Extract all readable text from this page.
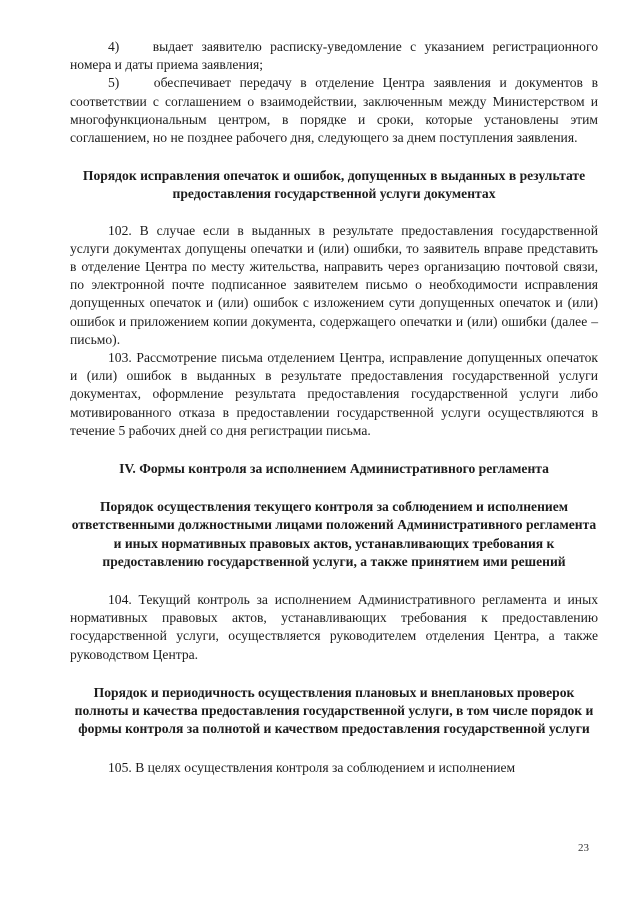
4)    выдает заявителю расписку-уведомление с указанием регистрационного номера и даты приема заявления;

5)    обеспечивает передачу в отделение Центра заявления и документов в соответствии с соглашением о взаимодействии, заключенным между Министерством и многофункциональным центром, в порядке и сроки, которые установлены этим соглашением, но не позднее рабочего дня, следующего за днем поступления заявления.

Порядок исправления опечаток и ошибок, допущенных в выданных в результате предоставления государственной услуги документах

102. В случае если в выданных в результате предоставления государственной услуги документах допущены опечатки и (или) ошибки, то заявитель вправе представить в отделение Центра по месту жительства, направить через организацию почтовой связи, по электронной почте подписанное заявителем письмо о необходимости исправления допущенных опечаток и (или) ошибок с изложением сути допущенных опечаток и (или) ошибок и приложением копии документа, содержащего опечатки и (или) ошибки (далее – письмо).

103. Рассмотрение письма отделением Центра, исправление допущенных опечаток и (или) ошибок в выданных в результате предоставления государственной услуги документах, оформление результата предоставления государственной услуги либо мотивированного отказа в предоставлении государственной услуги осуществляются в течение 5 рабочих дней со дня регистрации письма.

IV. Формы контроля за исполнением Административного регламента

Порядок осуществления текущего контроля за соблюдением и исполнением ответственными должностными лицами положений Административного регламента и иных нормативных правовых актов, устанавливающих требования к предоставлению государственной услуги, а также принятием ими решений

104. Текущий контроль за исполнением Административного регламента и иных нормативных правовых актов, устанавливающих требования к предоставлению государственной услуги, осуществляется руководителем отделения Центра, а также руководством Центра.

Порядок и периодичность осуществления плановых и внеплановых проверок полноты и качества предоставления государственной услуги, в том числе порядок и формы контроля за полнотой и качеством предоставления государственной услуги

105. В целях осуществления контроля за соблюдением и исполнением

23
